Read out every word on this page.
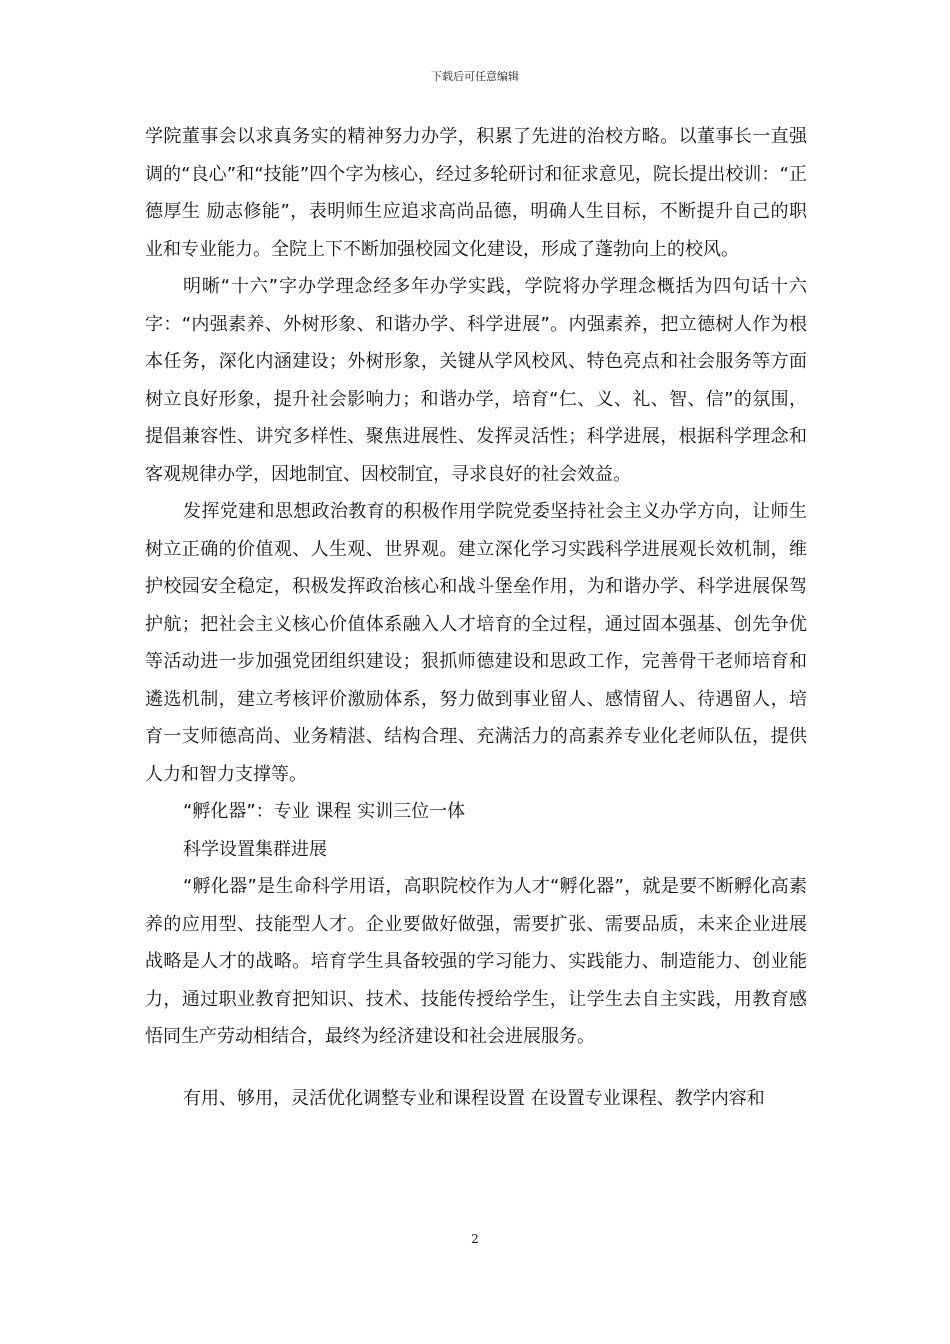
下载后可任意编辑

学院董事会以求真务实的精神努力办学，积累了先进的治校方略。以董事长一直强调的“良心”和“技能”四个字为核心，经过多轮研讨和征求意见，院长提出校训：“正德厚生 励志修能”，表明师生应追求高尚品德，明确人生目标，不断提升自己的职业和专业能力。全院上下不断加强校园文化建设，形成了蓬勃向上的校风。

明晰“十六”字办学理念经多年办学实践，学院将办学理念概括为四句话十六字：“内强素养、外树形象、和谐办学、科学进展”。内强素养，把立德树人作为根本任务，深化内涵建设；外树形象，关键从学风校风、特色亮点和社会服务等方面树立良好形象，提升社会影响力；和谐办学，培育“仁、义、礼、智、信”的氛围，提倡兼容性、讲究多样性、聚焦进展性、发挥灵活性；科学进展，根据科学理念和客观规律办学，因地制宜、因校制宜，寻求良好的社会效益。

发挥党建和思想政治教育的积极作用学院党委坚持社会主义办学方向，让师生树立正确的价值观、人生观、世界观。建立深化学习实践科学进展观长效机制，维护校园安全稳定，积极发挥政治核心和战斗堡垒作用，为和谐办学、科学进展保驾护航；把社会主义核心价值体系融入人才培育的全过程，通过固本强基、创先争优等活动进一步加强党团组织建设；狠抓师德建设和思政工作，完善骨干老师培育和遴选机制，建立考核评价激励体系，努力做到事业留人、感情留人、待遇留人，培育一支师德高尚、业务精湛、结构合理、充满活力的高素养专业化老师队伍，提供人力和智力支撑等。

“孵化器”：专业 课程 实训三位一体

科学设置集群进展

“孵化器”是生命科学用语，高职院校作为人才“孵化器”，就是要不断孵化高素养的应用型、技能型人才。企业要做好做强，需要扩张、需要品质，未来企业进展战略是人才的战略。培育学生具备较强的学习能力、实践能力、制造能力、创业能力，通过职业教育把知识、技术、技能传授给学生，让学生去自主实践，用教育感悟同生产劳动相结合，最终为经济建设和社会进展服务。

有用、够用，灵活优化调整专业和课程设置 在设置专业课程、教学内容和

2
